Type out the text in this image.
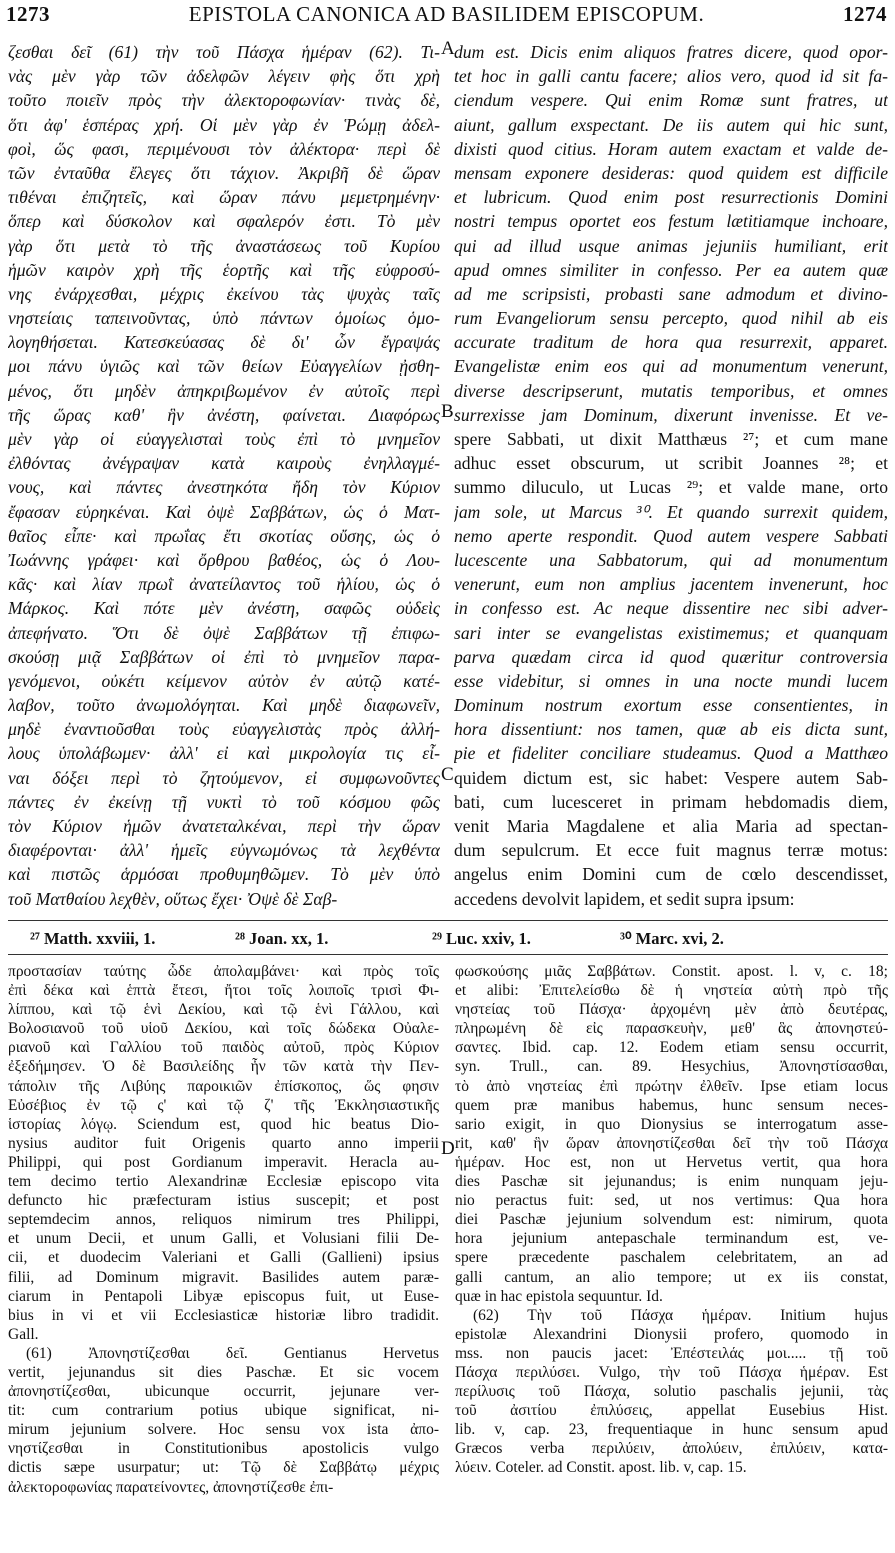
1273	EPISTOLA CANONICA AD BASILIDEM EPISCOPUM.	1274
ζεσθαι δεῖ (61) τὴν τοῦ Πάσχα ἡμέραν (62). Τι-
νὰς μὲν γὰρ τῶν ἀδελφῶν λέγειν φὴς ὅτι χρὴ
τοῦτο ποιεῖν πρὸς τὴν ἀλεκτοροφωνίαν· τινὰς δὲ,
ὅτι ἀφ' ἑσπέρας χρή. Οἱ μὲν γὰρ ἐν Ῥώμῃ ἀδελ-
φοὶ, ὥς φασι, περιμένουσι τὸν ἀλέκτορα· περὶ δὲ
τῶν ἐνταῦθα ἔλεγες ὅτι τάχιον. Ἀκριβῆ δὲ ὥραν
τιθέναι ἐπιζητεῖς, καὶ ὥραν πάνυ μεμετρημένην·
ὅπερ καὶ δύσκολον καὶ σφαλερόν ἐστι. Τὸ μὲν
γὰρ ὅτι μετὰ τὸ τῆς ἀναστάσεως τοῦ Κυρίου
ἡμῶν καιρὸν χρὴ τῆς ἑορτῆς καὶ τῆς εὐφροσύ-
νης ἐνάρχεσθαι, μέχρις ἐκείνου τὰς ψυχὰς ταῖς
νηστείαις ταπεινοῦντας, ὑπὸ πάντων ὁμοίως ὁμο-
λογηθήσεται. Κατεσκεύασας δὲ δι' ὧν ἔγραψάς
μοι πάνυ ὑγιῶς καὶ τῶν θείων Εὐαγγελίων ᾐσθη-
μένος, ὅτι μηδὲν ἀπηκριβωμένον ἐν αὐτοῖς περὶ
τῆς ὥρας καθ' ἣν ἀνέστη, φαίνεται. Διαφόρως
μὲν γὰρ οἱ εὐαγγελισταὶ τοὺς ἐπὶ τὸ μνημεῖον
ἐλθόντας ἀνέγραψαν κατὰ καιροὺς ἐνηλλαγμέ-
νους, καὶ πάντες ἀνεστηκότα ἤδη τὸν Κύριον
ἔφασαν εὑρηκέναι. Καὶ ὀψὲ Σαββάτων, ὡς ὁ Ματ-
θαῖος εἶπε· καὶ πρωΐας ἔτι σκοτίας οὔσης, ὡς ὁ
Ἰωάννης γράφει· καὶ ὄρθρου βαθέος, ὡς ὁ Λου-
κᾶς· καὶ λίαν πρωῒ ἀνατείλαντος τοῦ ἡλίου, ὡς ὁ
Μάρκος. Καὶ πότε μὲν ἀνέστη, σαφῶς οὐδεὶς
ἀπεφήνατο. Ὅτι δὲ ὀψὲ Σαββάτων τῇ ἐπιφω-
σκούσῃ μιᾷ Σαββάτων οἱ ἐπὶ τὸ μνημεῖον παρα-
γενόμενοι, οὐκέτι κείμενον αὐτὸν ἐν αὐτῷ κατέ-
λαβον, τοῦτο ἀνωμολόγηται. Καὶ μηδὲ διαφωνεῖν,
μηδὲ ἐναντιοῦσθαι τοὺς εὐαγγελιστὰς πρὸς ἀλλή-
λους ὑπολάβωμεν· ἀλλ' εἰ καὶ μικρολογία τις εἶ-
ναι δόξει περὶ τὸ ζητούμενον, εἰ συμφωνοῦντες
πάντες ἐν ἐκείνῃ τῇ νυκτὶ τὸ τοῦ κόσμου φῶς
τὸν Κύριον ἡμῶν ἀνατεταλκέναι, περὶ τὴν ὥραν
διαφέρονται· ἀλλ' ἡμεῖς εὐγνωμόνως τὰ λεχθέντα
καὶ πιστῶς ἁρμόσαι προθυμηθῶμεν. Τὸ μὲν ὑπὸ
τοῦ Ματθαίου λεχθὲν, οὕτως ἔχει· Ὀψὲ δὲ Σαβ-
dum est. Dicis enim aliquos fratres dicere, quod opor-
tet hoc in galli cantu facere; alios vero, quod id sit fa-
ciendum vespere. Qui enim Romæ sunt fratres, ut
aiunt, gallum exspectant. De iis autem qui hic sunt,
dixisti quod citius. Horam autem exactam et valde de-
mensam exponere desideras: quod quidem est difficile
et lubricum. Quod enim post resurrectionis Domini
nostri tempus oportet eos festum lætitiamque inchoare,
qui ad illud usque animas jejuniis humiliant, erit
apud omnes similiter in confesso. Per ea autem quæ
ad me scripsisti, probasti sane admodum et divino-
rum Evangeliorum sensu percepto, quod nihil ab eis
accurate traditum de hora qua resurrexit, apparet.
Evangelistæ enim eos qui ad monumentum venerunt,
diverse descripserunt, mutatis temporibus, et omnes
surrexisse jam Dominum, dixerunt invenisse. Et ve-
spere Sabbati, ut dixit Matthæus ²⁷; et cum mane
adhuc esset obscurum, ut scribit Joannes ²⁸; et
summo diluculo, ut Lucas ²⁹; et valde mane, orto
jam sole, ut Marcus ³⁰. Et quando surrexit quidem,
nemo aperte respondit. Quod autem vespere Sabbati
lucescente una Sabbatorum, qui ad monumentum
venerunt, eum non amplius jacentem invenerunt, hoc
in confesso est. Ac neque dissentire nec sibi adver-
sari inter se evangelistas existimemus; et quanquam
parva quædam circa id quod quæritur controversia
esse videbitur, si omnes in una nocte mundi lucem
Dominum nostrum exortum esse consentientes, in
hora dissentiunt: nos tamen, quæ ab eis dicta sunt,
pie et fideliter conciliare studeamus. Quod a Matthæo
quidem dictum est, sic habet: Vespere autem Sab-
bati, cum lucesceret in primam hebdomadis diem,
venit Maria Magdalene et alia Maria ad spectan-
dum sepulcrum. Et ecce fuit magnus terræ motus:
angelus enim Domini cum de cœlo descendisset,
accedens devolvit lapidem, et sedit supra ipsum:
A
B
C
D
²⁷ Matth. xxviii, 1.	²⁸ Joan. xx, 1.	²⁹ Luc. xxiv, 1.	³⁰ Marc. xvi, 2.
προστασίαν ταύτης ὧδε ἀπολαμβάνει· καὶ πρὸς τοῖς
ἐπὶ δέκα καὶ ἑπτὰ ἔτεσι, ἤτοι τοῖς λοιποῖς τρισὶ Φι-
λίππου, καὶ τῷ ἑνὶ Δεκίου, καὶ τῷ ἑνὶ Γάλλου, καὶ
Βολοσιανοῦ τοῦ υἱοῦ Δεκίου, καὶ τοῖς δώδεκα Οὐαλε-
ριανοῦ καὶ Γαλλίου τοῦ παιδὸς αὐτοῦ, πρὸς Κύριον
ἐξεδήμησεν. Ὁ δὲ Βασιλείδης ἦν τῶν κατὰ τὴν Πεν-
τάπολιν τῆς Λιβύης παροικιῶν ἐπίσκοπος, ὥς φησιν
Εὐσέβιος ἐν τῷ ς' καὶ τῷ ζ' τῆς Ἐκκλησιαστικῆς
ἱστορίας λόγῳ. Sciendum est, quod hic beatus Dio-
nysius auditor fuit Origenis quarto anno imperii
Philippi, qui post Gordianum imperavit. Heracla au-
tem decimo tertio Alexandrinæ Ecclesiæ episcopo vita
defuncto hic præfecturam istius suscepit; et post
septemdecim annos, reliquos nimirum tres Philippi,
et unum Decii, et unum Galli, et Volusiani filii De-
cii, et duodecim Valeriani et Galli (Gallieni) ipsius
filii, ad Dominum migravit. Basilides autem paræ-
ciarum in Pentapoli Libyæ episcopus fuit, ut Euse-
bius in vi et vii Ecclesiasticæ historiæ libro tradidit.
Gall.
(61) Ἀπονηστίζεσθαι δεῖ. Gentianus Hervetus
vertit, jejunandus sit dies Paschæ. Et sic vocem
ἀπονηστίζεσθαι, ubicunque occurrit, jejunare ver-
tit: cum contrarium potius ubique significat, ni-
mirum jejunium solvere. Hoc sensu vox ista ἀπο-
νηστίζεσθαι in Constitutionibus apostolicis vulgo
dictis sæpe usurpatur; ut: Τῷ δὲ Σαββάτῳ μέχρις
ἀλεκτοροφωνίας παρατείνοντες, ἀπονηστίζεσθε ἐπι-
φωσκούσης μιᾶς Σαββάτων. Constit. apost. l. v, c. 18;
et alibi: Ἐπιτελείσθω δὲ ἡ νηστεία αὐτὴ πρὸ τῆς
νηστείας τοῦ Πάσχα· ἀρχομένη μὲν ἀπὸ δευτέρας,
πληρωμένη δὲ εἰς παρασκευὴν, μεθ' ἃς ἀπονηστεύ-
σαντες. Ibid. cap. 12. Eodem etiam sensu occurrit,
syn. Trull., can. 89. Hesychius, Ἀπονηστίσασθαι,
τὸ ἀπὸ νηστείας ἐπὶ πρώτην ἐλθεῖν. Ipse etiam locus
quem præ manibus habemus, hunc sensum neces-
sario exigit, in quo Dionysius se interrogatum asse-
rit, καθ' ἣν ὥραν ἀπονηστίζεσθαι δεῖ τὴν τοῦ Πάσχα
ἡμέραν. Hoc est, non ut Hervetus vertit, qua hora
dies Paschæ sit jejunandus; is enim nunquam jeju-
nio peractus fuit: sed, ut nos vertimus: Qua hora
diei Paschæ jejunium solvendum est: nimirum, quota
hora jejunium antepaschale terminandum est, ve-
spere præcedente paschalem celebritatem, an ad
galli cantum, an alio tempore; ut ex iis constat,
quæ in hac epistola sequuntur. Id.
(62) Τὴν τοῦ Πάσχα ἡμέραν. Initium hujus
epistolæ Alexandrini Dionysii profero, quomodo in
mss. non paucis jacet: Ἐπέστειλάς μοι..... τῇ τοῦ
Πάσχα περιλύσει. Vulgo, τὴν τοῦ Πάσχα ἡμέραν. Est
περίλυσις τοῦ Πάσχα, solutio paschalis jejunii, τὰς
τοῦ ἀσιτίου ἐπιλύσεις, appellat Eusebius Hist.
lib. v, cap. 23, frequentiaque in hunc sensum apud
Græcos verba περιλύειν, ἀπολύειν, ἐπιλύειν, κατα-
λύειν. Coteler. ad Constit. apost. lib. v, cap. 15.
